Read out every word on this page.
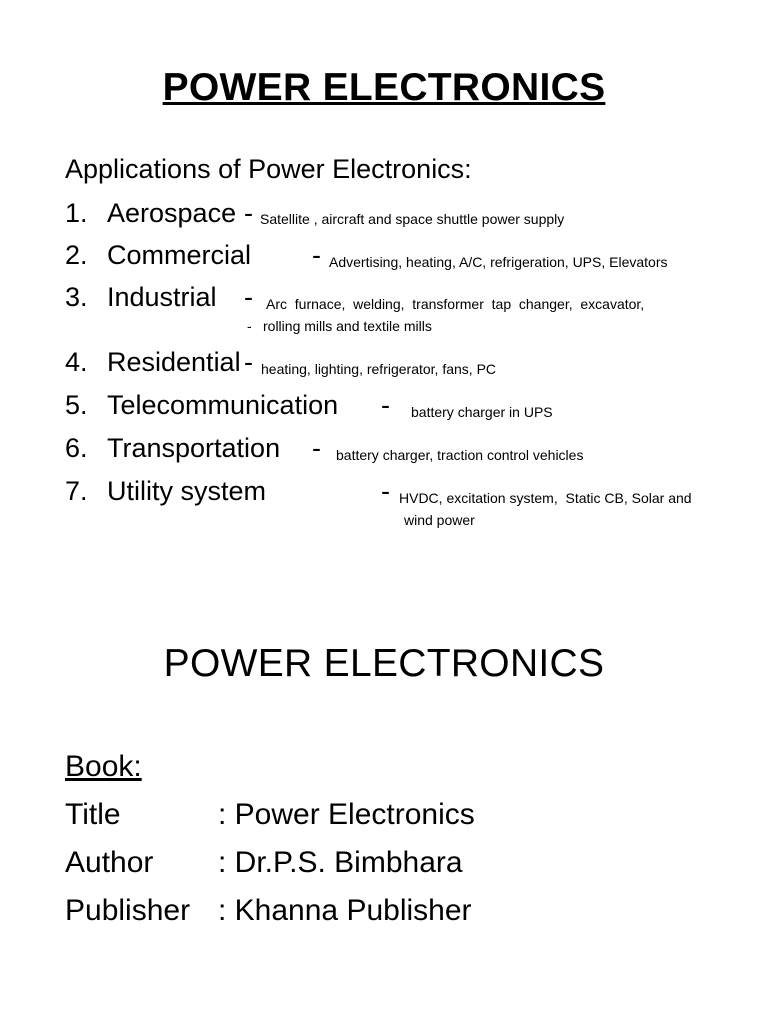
POWER ELECTRONICS
Applications of Power Electronics:
1. Aerospace - Satellite , aircraft and space shuttle power supply
2. Commercial - Advertising, heating, A/C, refrigeration, UPS, Elevators
3. Industrial - Arc  furnace,  welding,  transformer  tap  changer,  excavator,
- rolling mills and textile mills
4. Residential - heating, lighting, refrigerator, fans, PC
5. Telecommunication - battery charger in UPS
6. Transportation - battery charger, traction control vehicles
7. Utility system	- HVDC, excitation system,  Static CB, Solar and
wind power
POWER ELECTRONICS
Book:
Title	: Power Electronics
Author : Dr.P.S. Bimbhara
Publisher : Khanna Publisher
